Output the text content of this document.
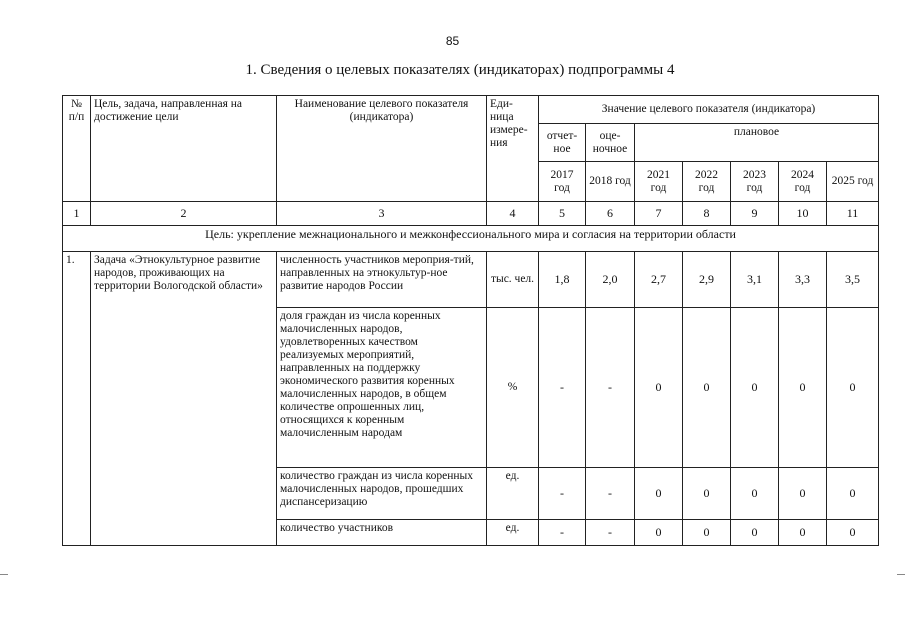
85
1. Сведения о целевых показателях (индикаторах) подпрограммы 4
№ п/п	Цель, задача, направленная на достижение цели	Наименование целевого показателя (индикатора)	Еди-ница измере-ния	Значение целевого показателя (индикатора)						
				отчет-ное	оце-ночное	плановое				
				2017 год	2018 год	2021 год	2022 год	2023 год	2024 год	2025 год
1	2	3	4	5	6	7	8	9	10	11
Цель: укрепление межнационального и межконфессионального мира и согласия на территории области										
1.	Задача «Этнокультурное развитие народов, проживающих на территории Вологодской области»	численность участников мероприя-тий, направленных на этнокультур-ное развитие народов России	тыс. чел.	1,8	2,0	2,7	2,9	3,1	3,3	3,5
		доля граждан из числа коренных малочисленных народов, удовлетворенных качеством реализуемых мероприятий, направленных на поддержку экономического развития коренных малочисленных народов, в общем количестве опрошенных лиц, относящихся к коренным малочисленным народам	%	-	-	0	0	0	0	0
		количество граждан из числа коренных малочисленных народов, прошедших диспансеризацию	ед.	-	-	0	0	0	0	0
		количество участников	ед.	-	-	0	0	0	0	0
